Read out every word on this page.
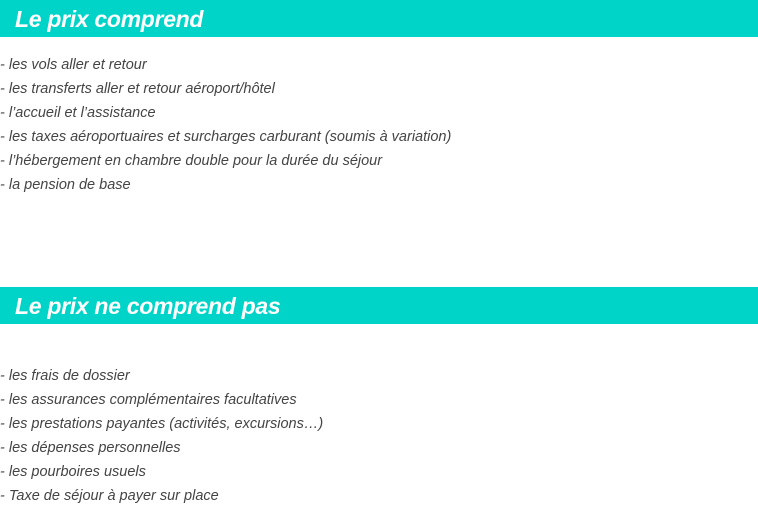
Le prix comprend
- les vols aller et retour
- les transferts aller et retour aéroport/hôtel
- l’accueil et l’assistance
- les taxes aéroportuaires et surcharges carburant (soumis à variation)
- l’hébergement en chambre double pour la durée du séjour
- la pension de base
Le prix ne comprend pas
- les frais de dossier
- les assurances complémentaires facultatives
- les prestations payantes (activités, excursions…)
- les dépenses personnelles
- les pourboires usuels
- Taxe de séjour à payer sur place
